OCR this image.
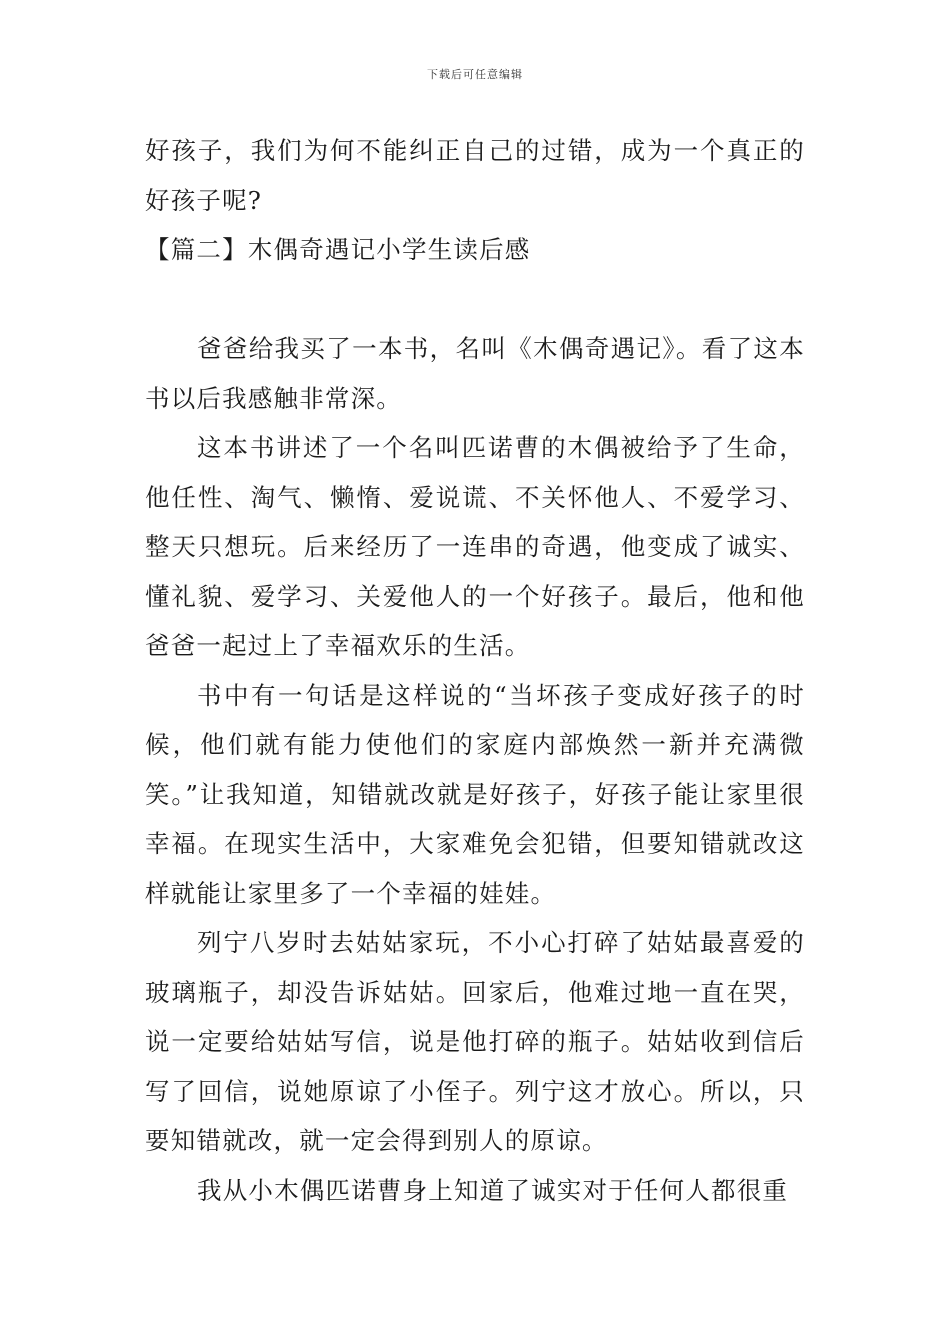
下载后可任意编辑

好孩子，我们为何不能纠正自己的过错，成为一个真正的好孩子呢?

【篇二】木偶奇遇记小学生读后感

爸爸给我买了一本书，名叫《木偶奇遇记》。看了这本书以后我感触非常深。

这本书讲述了一个名叫匹诺曹的木偶被给予了生命，他任性、淘气、懒惰、爱说谎、不关怀他人、不爱学习、整天只想玩。后来经历了一连串的奇遇，他变成了诚实、懂礼貌、爱学习、关爱他人的一个好孩子。最后，他和他爸爸一起过上了幸福欢乐的生活。

书中有一句话是这样说的“当坏孩子变成好孩子的时候，他们就有能力使他们的家庭内部焕然一新并充满微笑。”让我知道，知错就改就是好孩子，好孩子能让家里很幸福。在现实生活中，大家难免会犯错，但要知错就改这样就能让家里多了一个幸福的娃娃。

列宁八岁时去姑姑家玩，不小心打碎了姑姑最喜爱的玻璃瓶子，却没告诉姑姑。回家后，他难过地一直在哭，说一定要给姑姑写信，说是他打碎的瓶子。姑姑收到信后写了回信，说她原谅了小侄子。列宁这才放心。所以，只要知错就改，就一定会得到别人的原谅。

我从小木偶匹诺曹身上知道了诚实对于任何人都很重
